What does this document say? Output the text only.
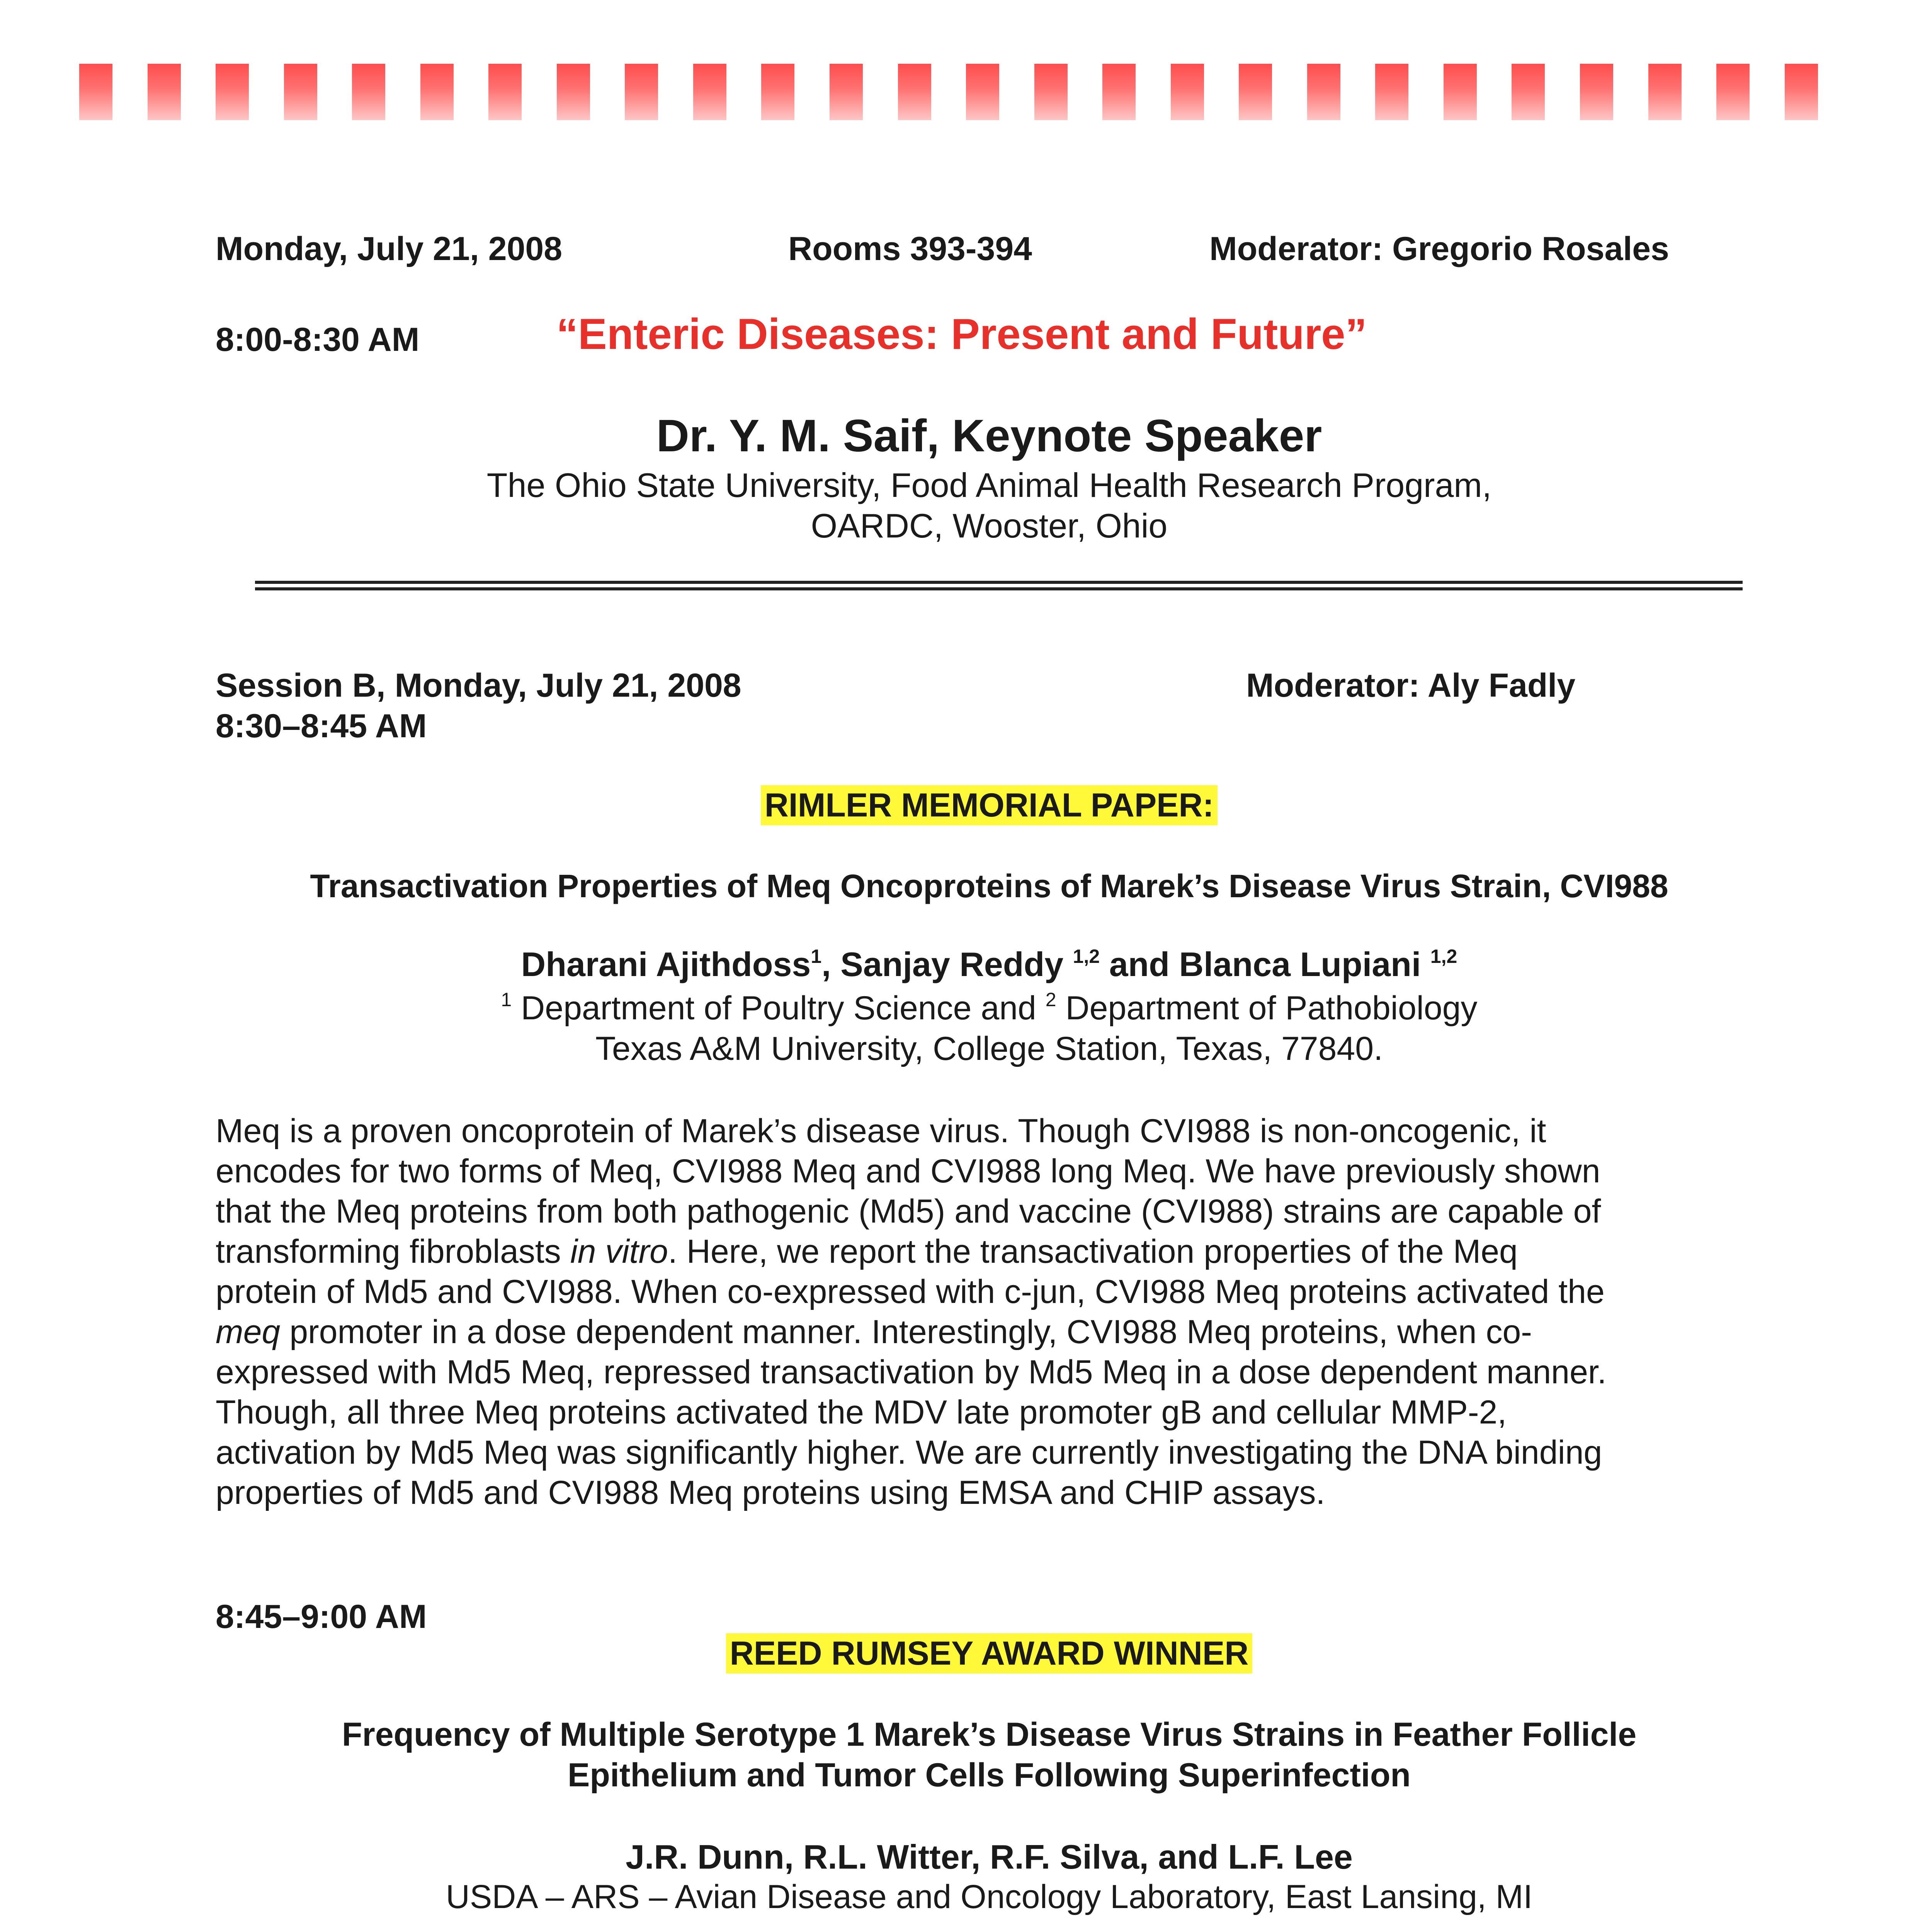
Monday, July 21, 2008	Rooms 393-394	Moderator: Gregorio Rosales
8:00-8:30 AM	“Enteric Diseases: Present and Future”
Dr. Y. M. Saif, Keynote Speaker
The Ohio State University, Food Animal Health Research Program,
OARDC, Wooster, Ohio
Session B, Monday, July 21, 2008	Moderator: Aly Fadly
8:30–8:45 AM
RIMLER MEMORIAL PAPER:
Transactivation Properties of Meq Oncoproteins of Marek’s Disease Virus Strain, CVI988
Dharani Ajithdoss$^1$, Sanjay Reddy $^{1,2}$ and Blanca Lupiani $^{1,2}$
$^1$ Department of Poultry Science and $^2$ Department of Pathobiology
Texas A&M University, College Station, Texas, 77840.
Meq is a proven oncoprotein of Marek’s disease virus. Though CVI988 is non-oncogenic, it
encodes for two forms of Meq, CVI988 Meq and CVI988 long Meq. We have previously shown
that the Meq proteins from both pathogenic (Md5) and vaccine (CVI988) strains are capable of
transforming fibroblasts in vitro. Here, we report the transactivation properties of the Meq
protein of Md5 and CVI988. When co-expressed with c-jun, CVI988 Meq proteins activated the
meq promoter in a dose dependent manner. Interestingly, CVI988 Meq proteins, when co-
expressed with Md5 Meq, repressed transactivation by Md5 Meq in a dose dependent manner.
Though, all three Meq proteins activated the MDV late promoter gB and cellular MMP-2,
activation by Md5 Meq was significantly higher. We are currently investigating the DNA binding
properties of Md5 and CVI988 Meq proteins using EMSA and CHIP assays.
8:45–9:00 AM
REED RUMSEY AWARD WINNER
Frequency of Multiple Serotype 1 Marek’s Disease Virus Strains in Feather Follicle
Epithelium and Tumor Cells Following Superinfection
J.R. Dunn, R.L. Witter, R.F. Silva, and L.F. Lee
USDA – ARS – Avian Disease and Oncology Laboratory, East Lansing, MI
